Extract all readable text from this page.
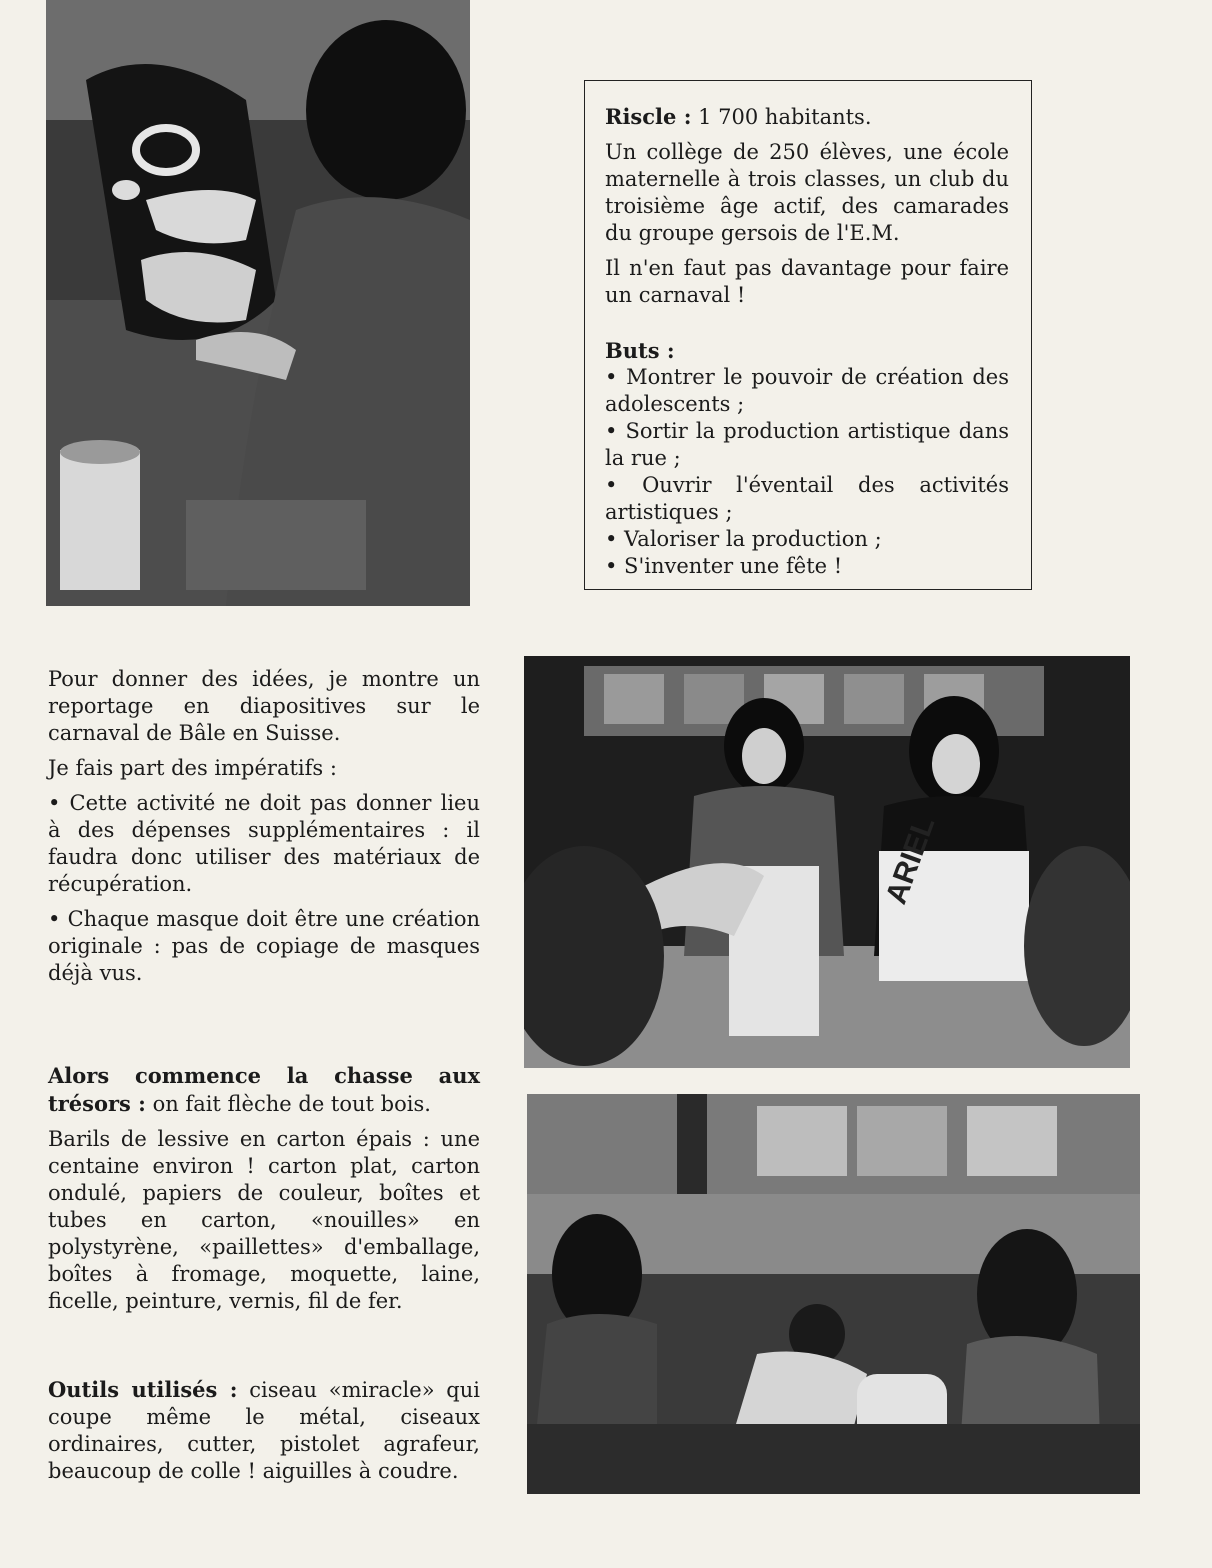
Riscle : 1 700 habitants.

Un collège de 250 élèves, une école maternelle à trois classes, un club du troisième âge actif, des camarades du groupe gersois de l'E.M.

Il n'en faut pas davantage pour faire un carnaval !

Buts :

• Montrer le pouvoir de création des adolescents ;
• Sortir la production artistique dans la rue ;
• Ouvrir l'éventail des activités artistiques ;
• Valoriser la production ;
• S'inventer une fête !

Pour donner des idées, je montre un reportage en diapositives sur le carnaval de Bâle en Suisse.

Je fais part des impératifs :

• Cette activité ne doit pas donner lieu à des dépenses supplémentaires : il faudra donc utiliser des matériaux de récupération.

• Chaque masque doit être une création originale : pas de copiage de masques déjà vus.

ARIEL

Alors commence la chasse aux trésors : on fait flèche de tout bois.

Barils de lessive en carton épais : une centaine environ ! carton plat, carton ondulé, papiers de couleur, boîtes et tubes en carton, «nouilles» en polystyrène, «paillettes» d'emballage, boîtes à fromage, moquette, laine, ficelle, peinture, vernis, fil de fer.

Outils utilisés : ciseau «miracle» qui coupe même le métal, ciseaux ordinaires, cutter, pistolet agrafeur, beaucoup de colle ! aiguilles à coudre.
